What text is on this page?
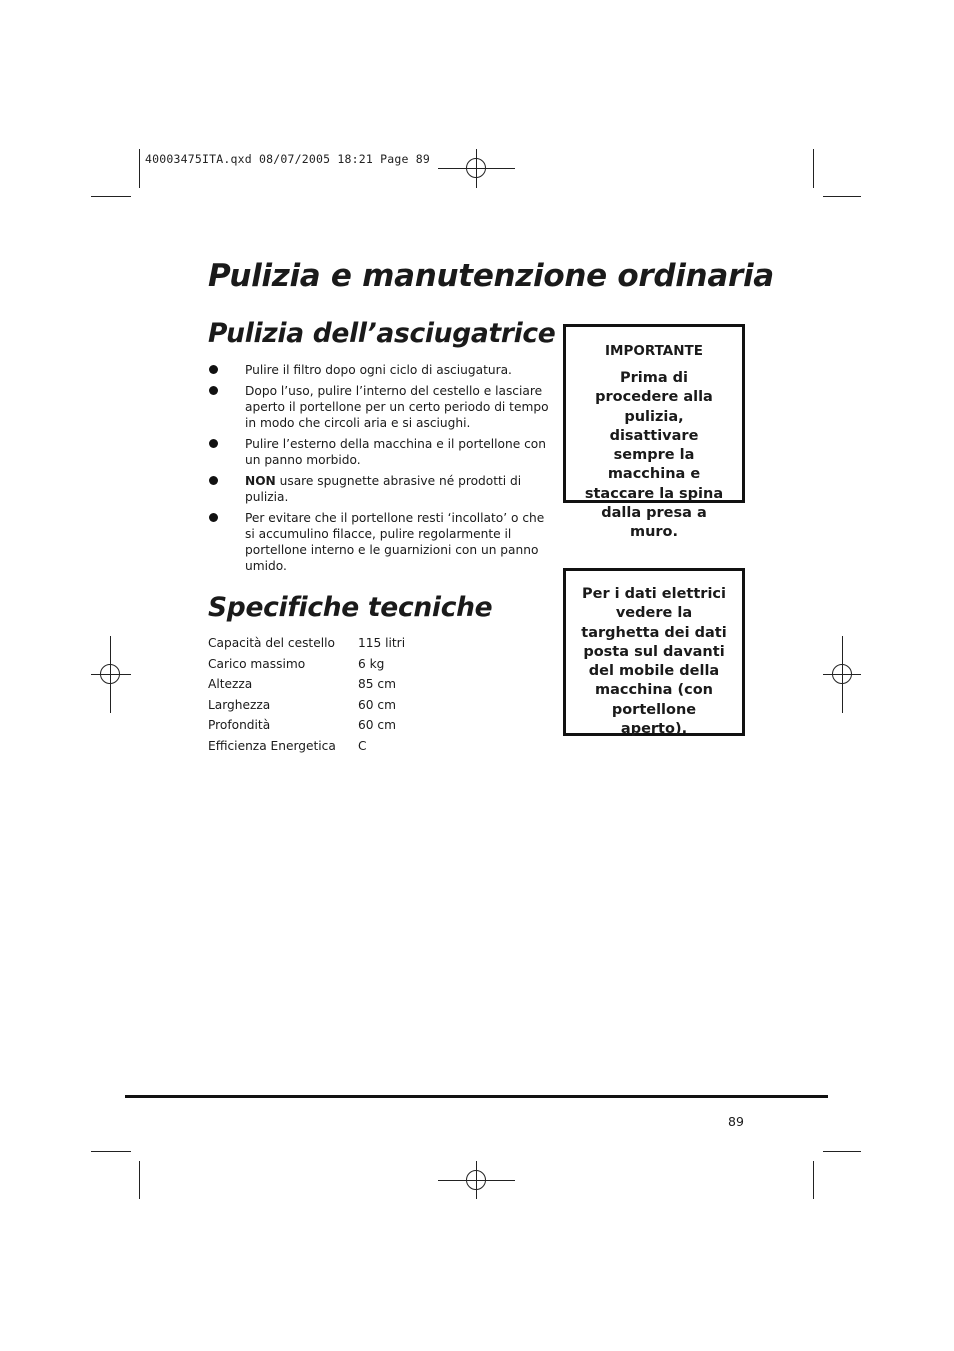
40003475ITA.qxd 08/07/2005 18:21 Page 89
Pulizia e manutenzione ordinaria
Pulizia dell’asciugatrice
Pulire il filtro dopo ogni ciclo di asciugatura.
Dopo l’uso, pulire l’interno del cestello e lasciare aperto il portellone per un certo periodo di tempo in modo che circoli aria e si asciughi.
Pulire l’esterno della macchina e il portellone con un panno morbido.
NON usare spugnette abrasive né prodotti di pulizia.
Per evitare che il portellone resti ‘incollato’ o che si accumulino filacce, pulire regolarmente il portellone interno e le guarnizioni con un panno umido.
Specifiche tecniche
Capacità del cestello	115 litri
Carico massimo	6 kg
Altezza	85 cm
Larghezza	60 cm
Profondità	60 cm
Efficienza Energetica	C
IMPORTANTE
Prima di procedere alla pulizia, disattivare sempre la macchina e staccare la spina dalla presa a muro.
Per i dati elettrici vedere la targhetta dei dati posta sul davanti del mobile della macchina (con portellone aperto).
89
